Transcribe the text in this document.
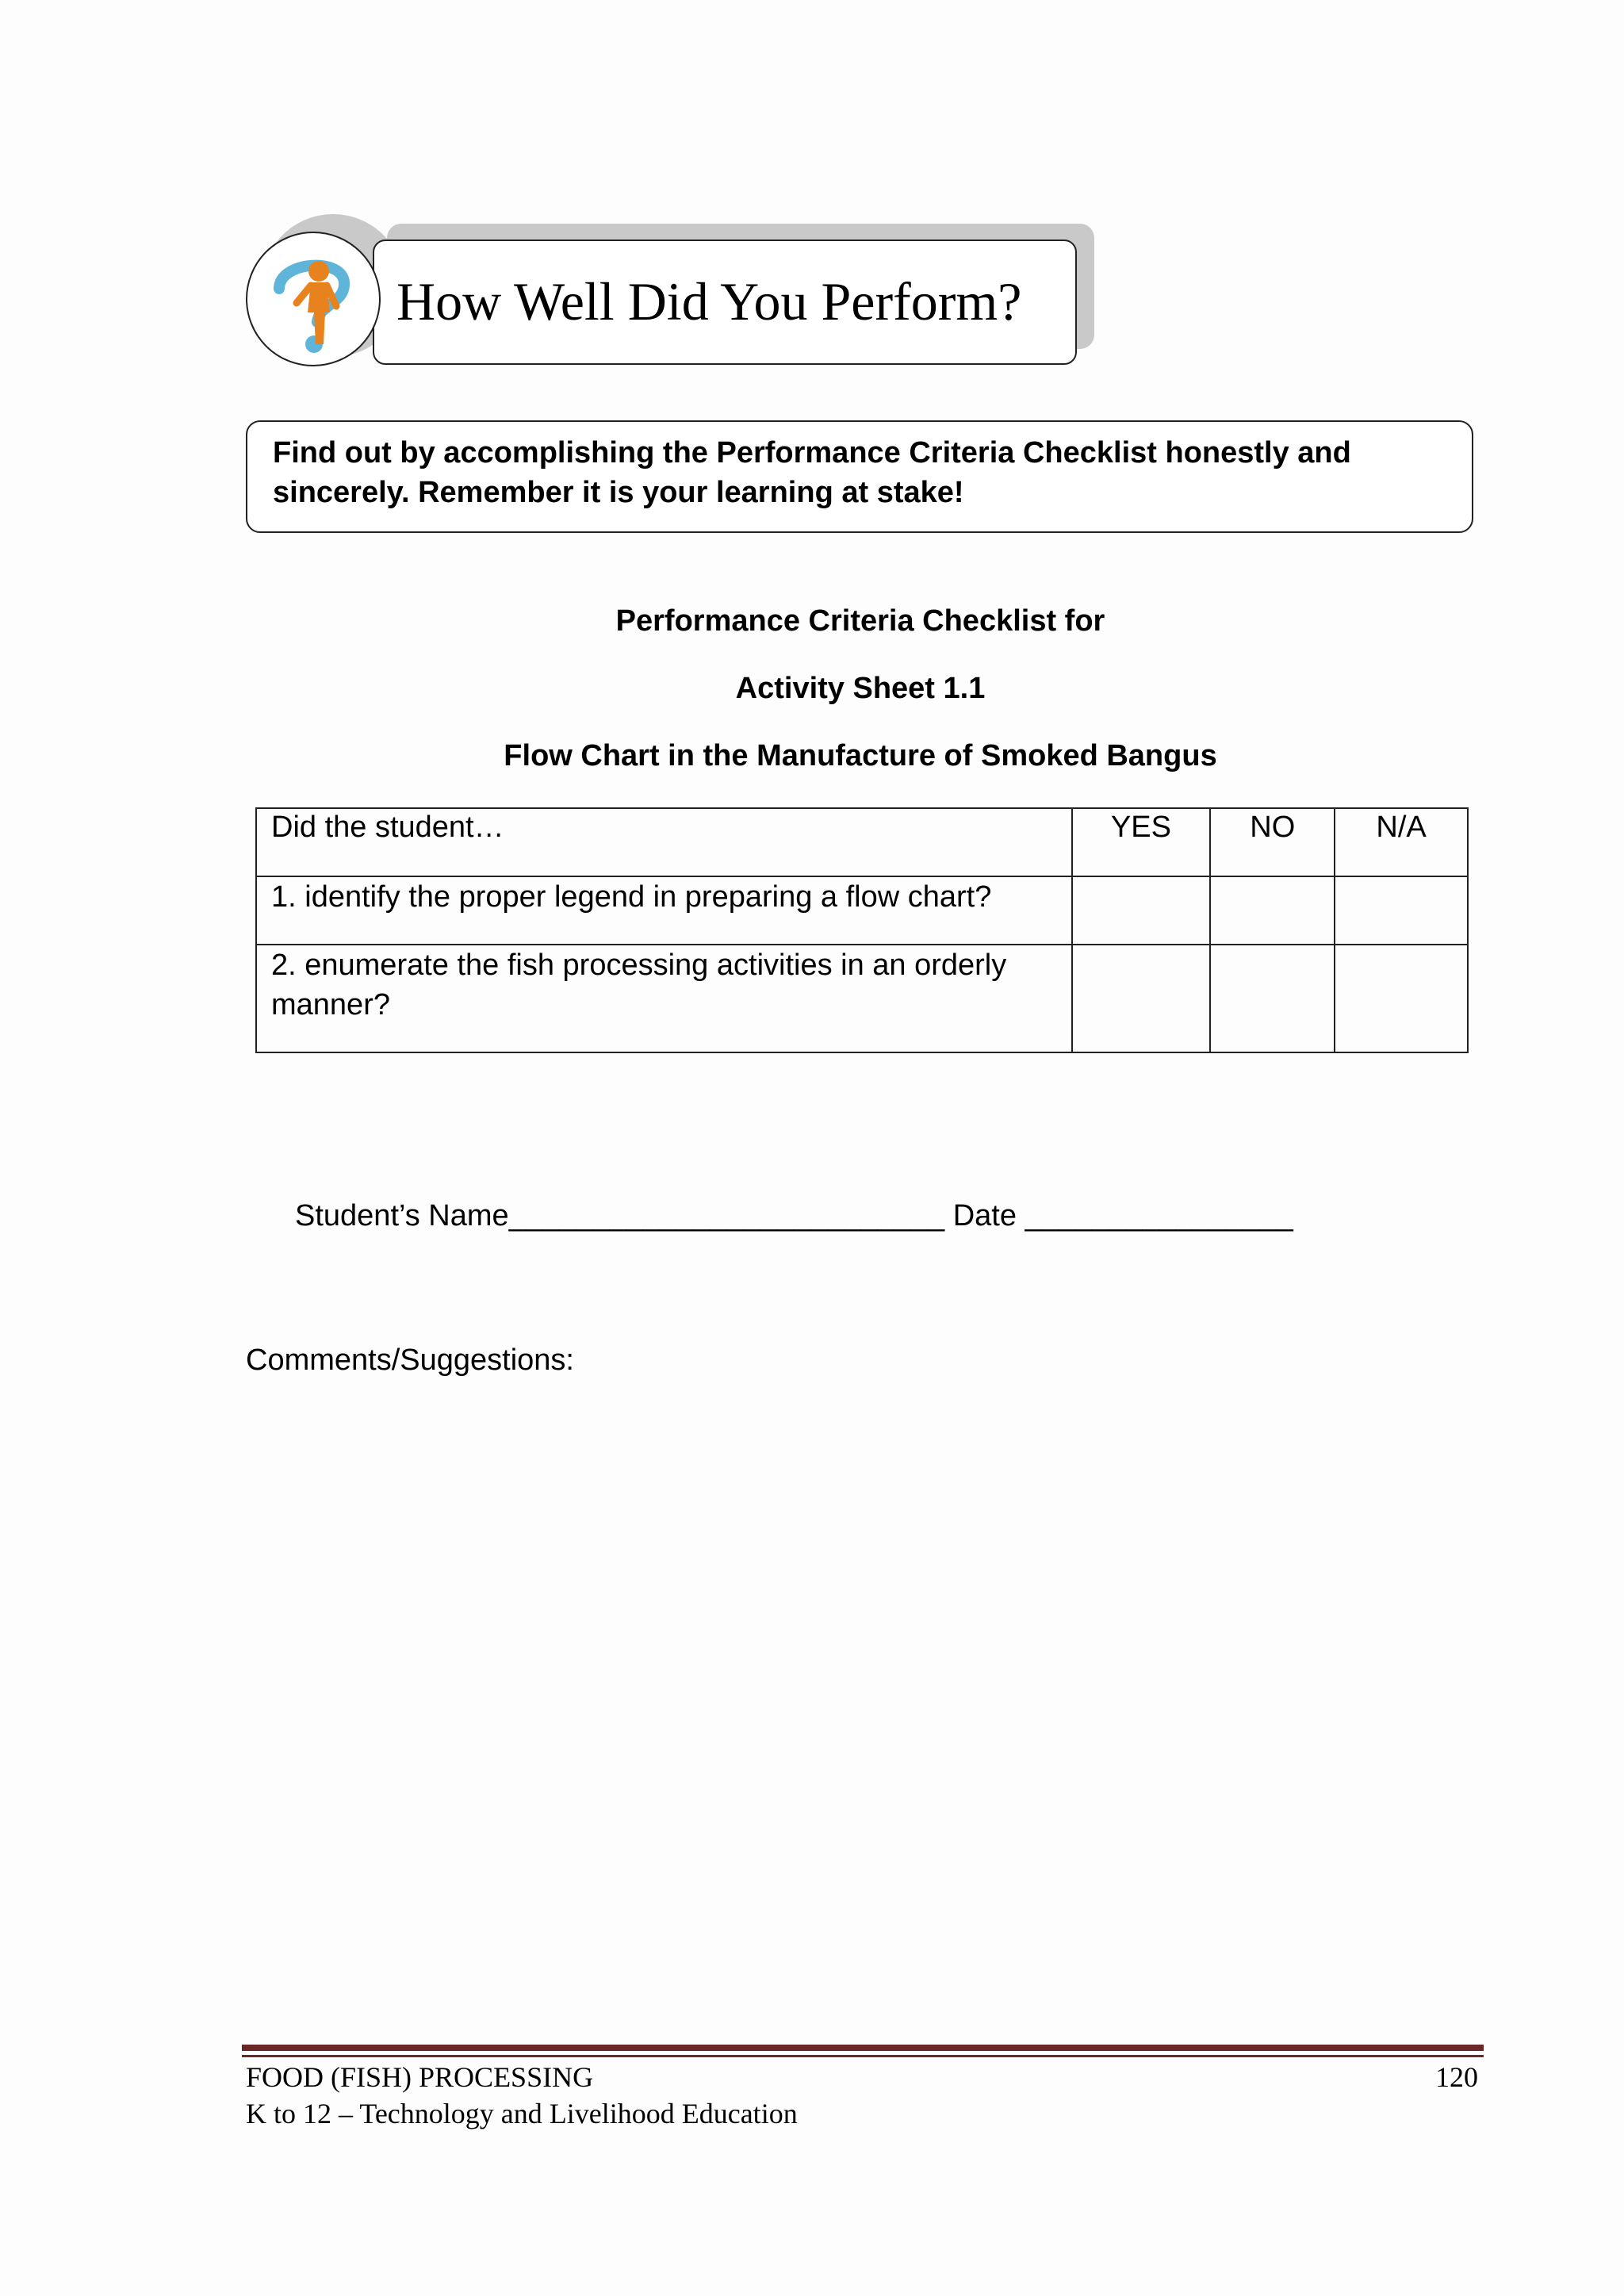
How Well Did You Perform?
Find out by accomplishing the Performance Criteria Checklist honestly and sincerely. Remember it is your learning at stake!
Performance Criteria Checklist for
Activity Sheet 1.1
Flow Chart in the Manufacture of Smoked Bangus
Did the student…	YES	NO	N/A
1. identify the proper legend in preparing a flow chart?			
2. enumerate the fish processing activities in an orderly manner?			
Student’s Name__________________________ Date ________________
Comments/Suggestions:
FOOD (FISH) PROCESSING
K to 12 – Technology and Livelihood Education
120
